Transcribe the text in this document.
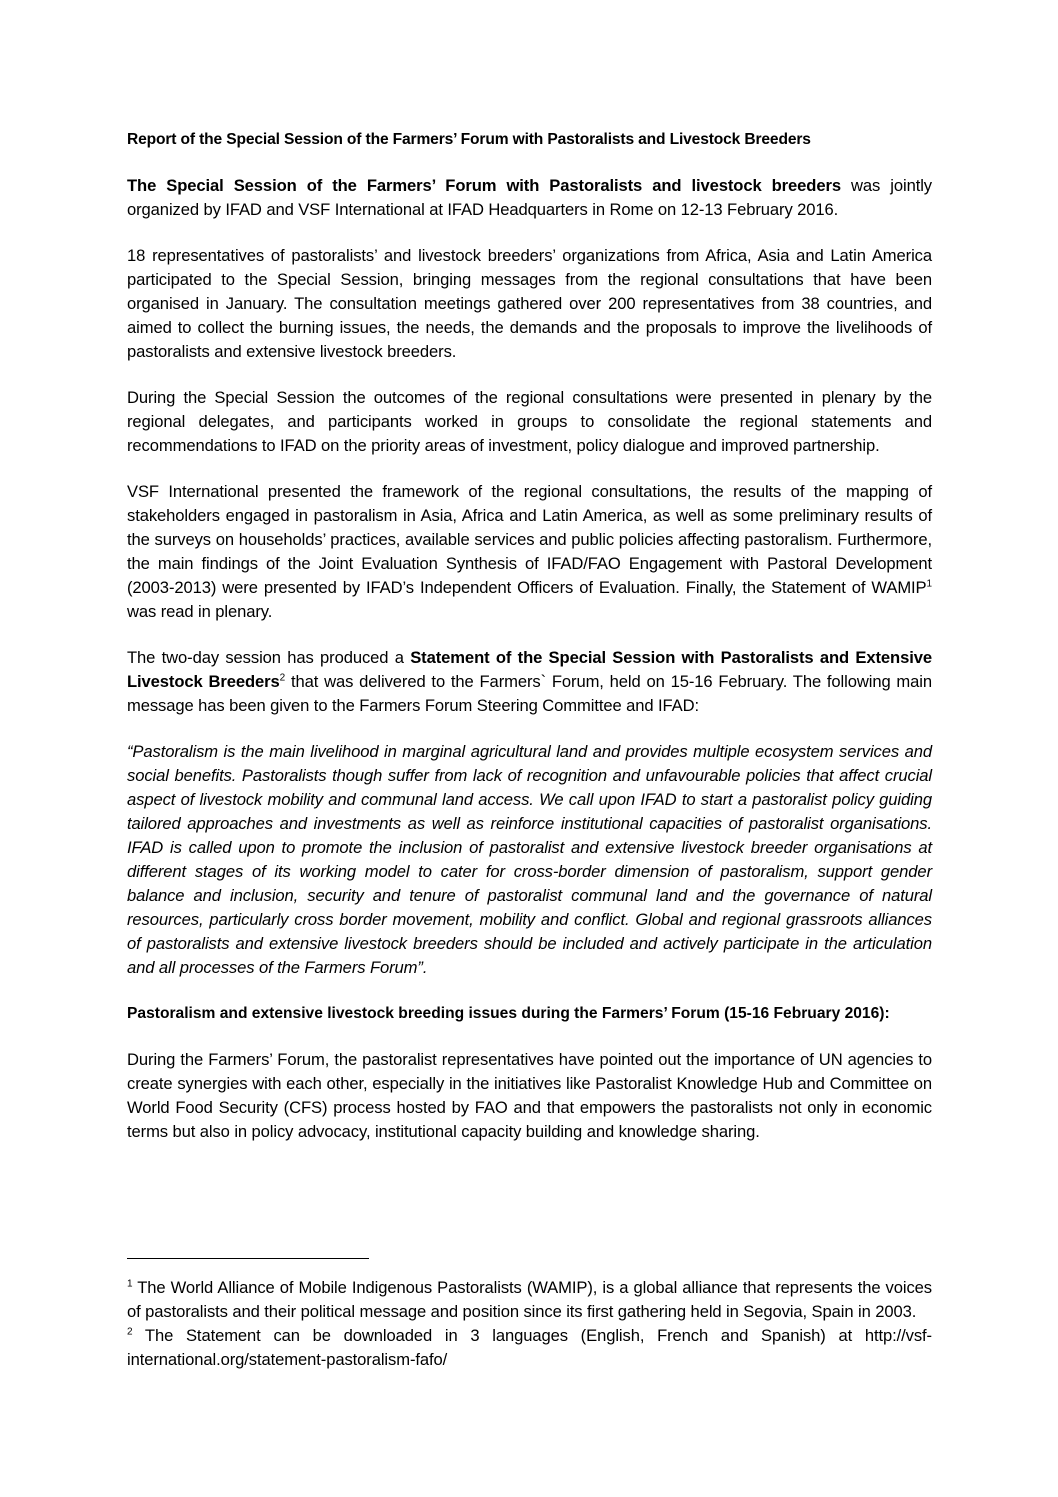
Report of the Special Session of the Farmers’ Forum with Pastoralists and Livestock Breeders

The Special Session of the Farmers’ Forum with Pastoralists and livestock breeders was jointly organized by IFAD and VSF International at IFAD Headquarters in Rome on 12-13 February 2016.

18 representatives of pastoralists’ and livestock breeders’ organizations from Africa, Asia and Latin America participated to the Special Session, bringing messages from the regional consultations that have been organised in January. The consultation meetings gathered over 200 representatives from 38 countries, and aimed to collect the burning issues, the needs, the demands and the proposals to improve the livelihoods of pastoralists and extensive livestock breeders.

During the Special Session the outcomes of the regional consultations were presented in plenary by the regional delegates, and participants worked in groups to consolidate the regional statements and recommendations to IFAD on the priority areas of investment, policy dialogue and improved partnership.

VSF International presented the framework of the regional consultations, the results of the mapping of stakeholders engaged in pastoralism in Asia, Africa and Latin America, as well as some preliminary results of the surveys on households’ practices, available services and public policies affecting pastoralism. Furthermore, the main findings of the Joint Evaluation Synthesis of IFAD/FAO Engagement with Pastoral Development (2003-2013) were presented by IFAD’s Independent Officers of Evaluation. Finally, the Statement of WAMIP$^1$ was read in plenary.

The two-day session has produced a Statement of the Special Session with Pastoralists and Extensive Livestock Breeders$^2$ that was delivered to the Farmers` Forum, held on 15-16 February. The following main message has been given to the Farmers Forum Steering Committee and IFAD:

“Pastoralism is the main livelihood in marginal agricultural land and provides multiple ecosystem services and social benefits. Pastoralists though suffer from lack of recognition and unfavourable policies that affect crucial aspect of livestock mobility and communal land access. We call upon IFAD to start a pastoralist policy guiding tailored approaches and investments as well as reinforce institutional capacities of pastoralist organisations. IFAD is called upon to promote the inclusion of pastoralist and extensive livestock breeder organisations at different stages of its working model to cater for cross-border dimension of pastoralism, support gender balance and inclusion, security and tenure of pastoralist communal land and the governance of natural resources, particularly cross border movement, mobility and conflict. Global and regional grassroots alliances of pastoralists and extensive livestock breeders should be included and actively participate in the articulation and all processes of the Farmers Forum”.

Pastoralism and extensive livestock breeding issues during the Farmers’ Forum (15-16 February 2016):

During the Farmers’ Forum, the pastoralist representatives have pointed out the importance of UN agencies to create synergies with each other, especially in the initiatives like Pastoralist Knowledge Hub and Committee on World Food Security (CFS) process hosted by FAO and that empowers the pastoralists not only in economic terms but also in policy advocacy, institutional capacity building and knowledge sharing.

$^1$ The World Alliance of Mobile Indigenous Pastoralists (WAMIP), is a global alliance that represents the voices of pastoralists and their political message and position since its first gathering held in Segovia, Spain in 2003.

$^2$ The Statement can be downloaded in 3 languages (English, French and Spanish) at http://vsf-international.org/statement-pastoralism-fafo/
